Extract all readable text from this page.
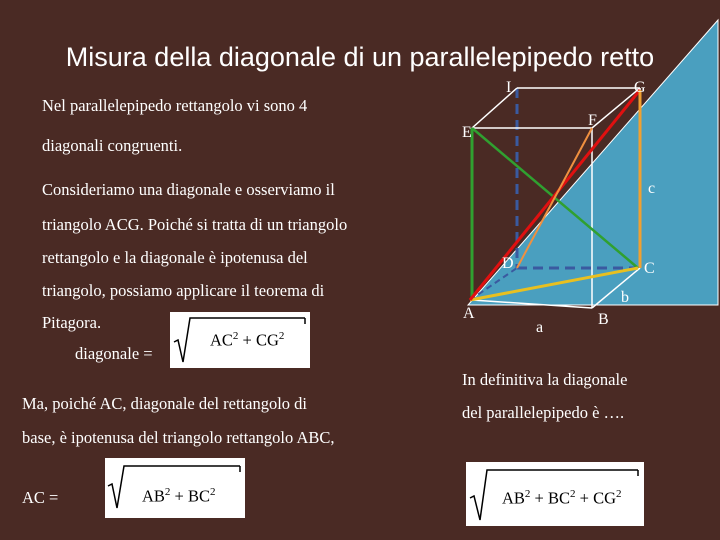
Misura della diagonale di un parallelepipedo retto
Nel parallelepipedo rettangolo vi sono 4
diagonali congruenti.
Consideriamo una diagonale e osserviamo il
triangolo ACG. Poiché si tratta di un triangolo
rettangolo e la diagonale è ipotenusa del
triangolo, possiamo applicare il teorema di
Pitagora.
diagonale =
$AC^2 + CG^2$
Ma, poiché AC, diagonale del rettangolo di
base, è ipotenusa del triangolo rettangolo ABC,
AC =	$AB^2 + BC^2$
In definitiva la diagonale
del parallelepipedo è ….
$AB^2 + BC^2 + CG^2$
I	G
E
F
c
D	C
b
A
a	B
